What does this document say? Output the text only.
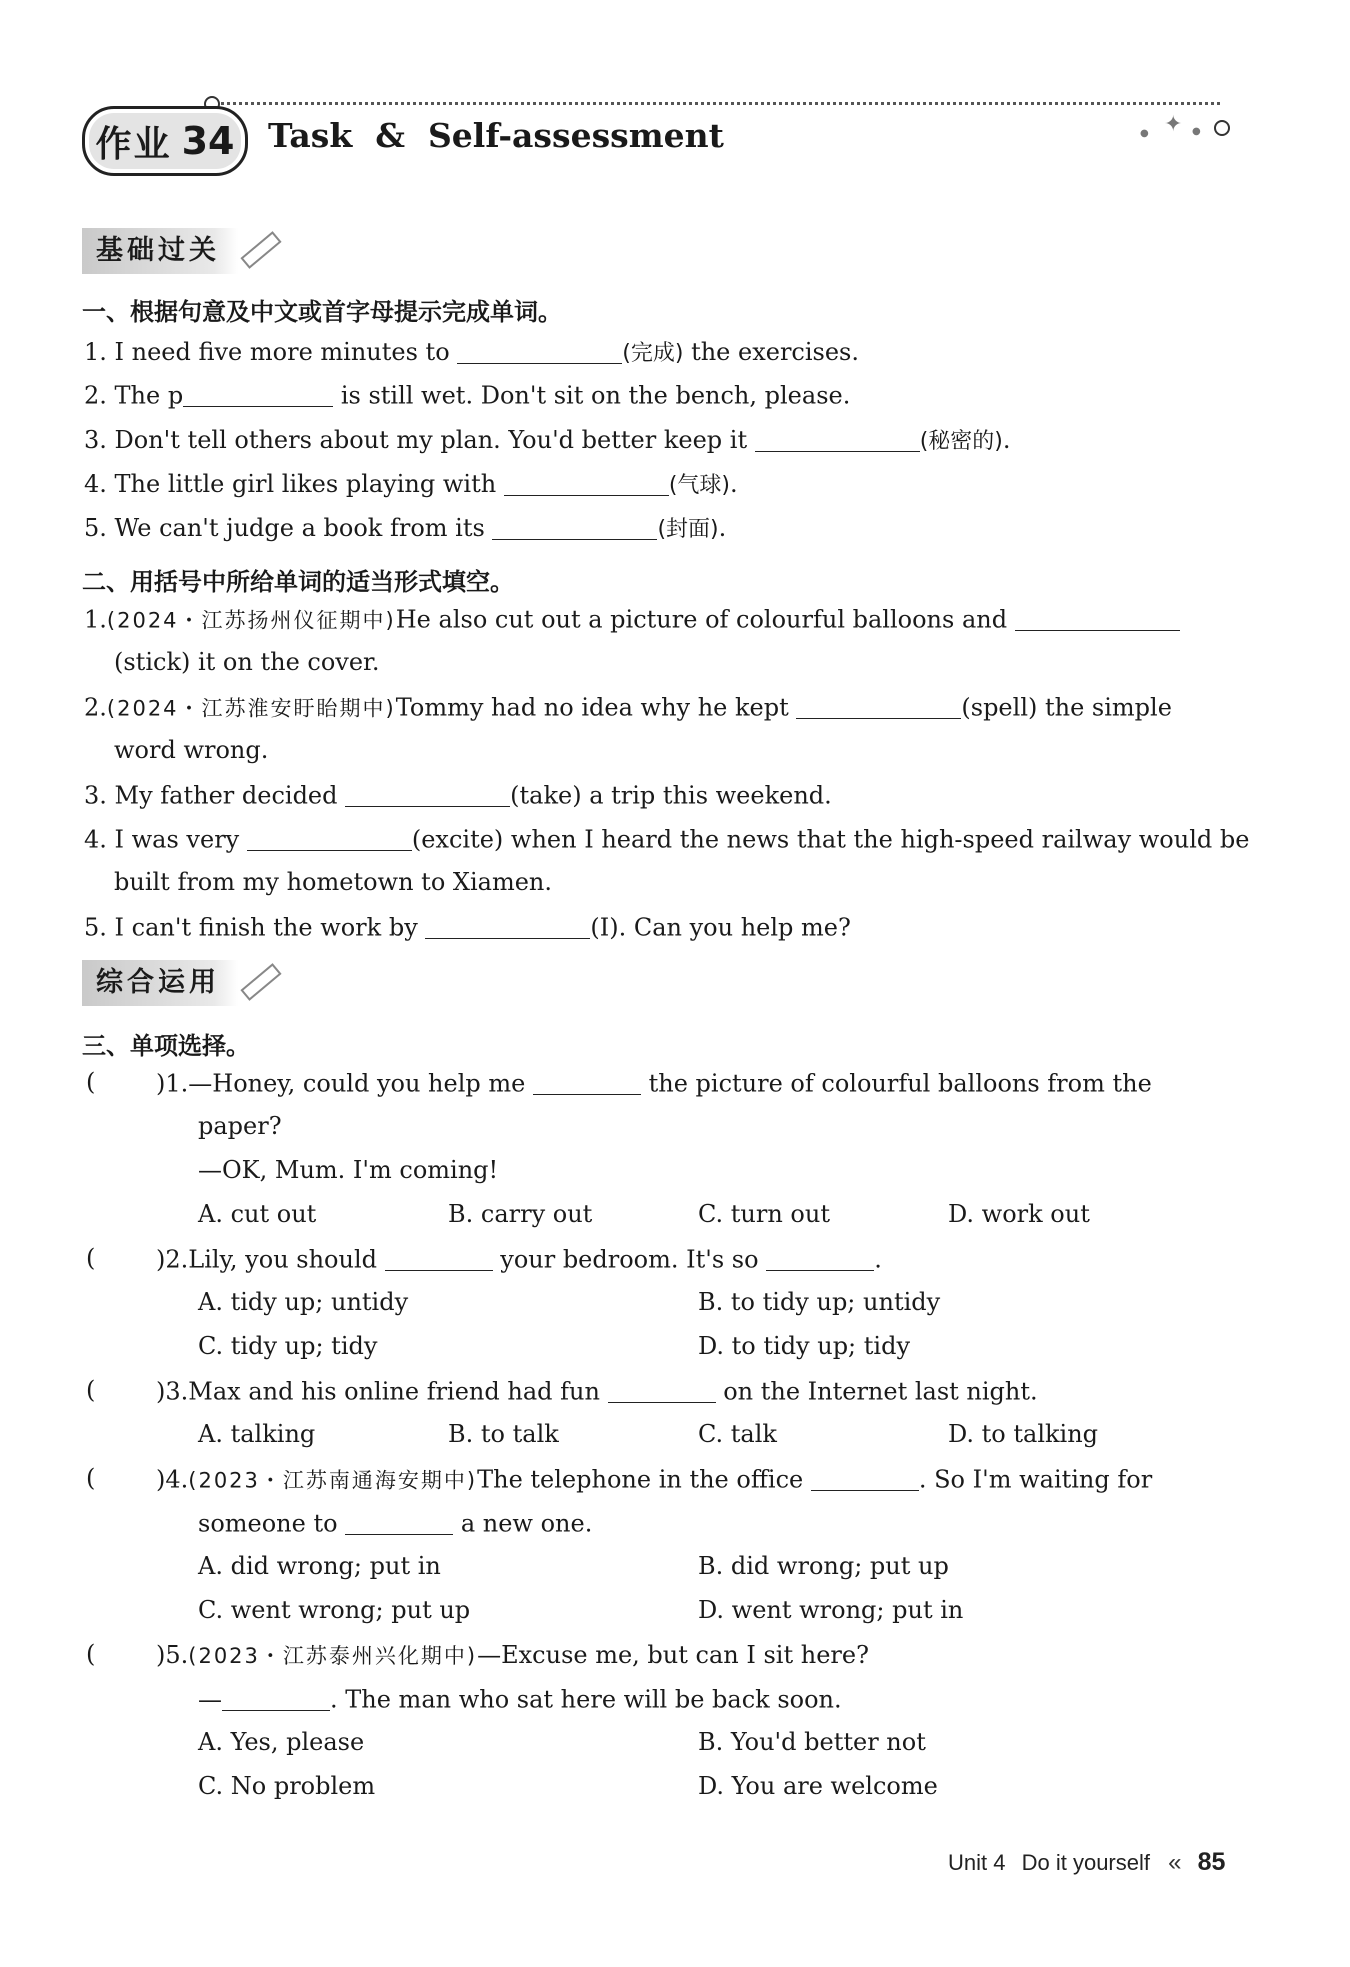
● ✦ ●
作业 34 Task  &  Self-assessment
基础过关
一、根据句意及中文或首字母提示完成单词。
1. I need five more minutes to	(完成) the exercises.
2. The p	is still wet. Don't sit on the bench, please.
3. Don't tell others about my plan. You'd better keep it	(秘密的).
4. The little girl likes playing with	(气球).
5. We can't judge a book from its	(封面).
二、用括号中所给单词的适当形式填空。
1.(2024・江苏扬州仪征期中)He also cut out a picture of colourful balloons and
(stick) it on the cover.
2.(2024・江苏淮安盱眙期中)Tommy had no idea why he kept	(spell) the simple
word wrong.
3. My father decided	(take) a trip this weekend.
4. I was very	(excite) when I heard the news that the high-speed railway would be
built from my hometown to Xiamen.
5. I can't finish the work by	(I). Can you help me?
综合运用
三、单项选择。
(	)1.—Honey, could you help me	the picture of colourful balloons from the
paper?
—OK, Mum. I'm coming!
A. cut out	B. carry out	C. turn out	D. work out
(	)2.Lily, you should	your bedroom. It's so	.
A. tidy up; untidy	B. to tidy up; untidy
C. tidy up; tidy	D. to tidy up; tidy
(	)3.Max and his online friend had fun	on the Internet last night.
A. talking	B. to talk	C. talk	D. to talking
(	)4.(2023・江苏南通海安期中)The telephone in the office	. So I'm waiting for
someone to	a new one.
A. did wrong; put in	B. did wrong; put up
C. went wrong; put up	D. went wrong; put in
(	)5.(2023・江苏泰州兴化期中)—Excuse me, but can I sit here?
—	. The man who sat here will be back soon.
A. Yes, please	B. You'd better not
C. No problem	D. You are welcome
Unit 4 Do it yourself « 85
